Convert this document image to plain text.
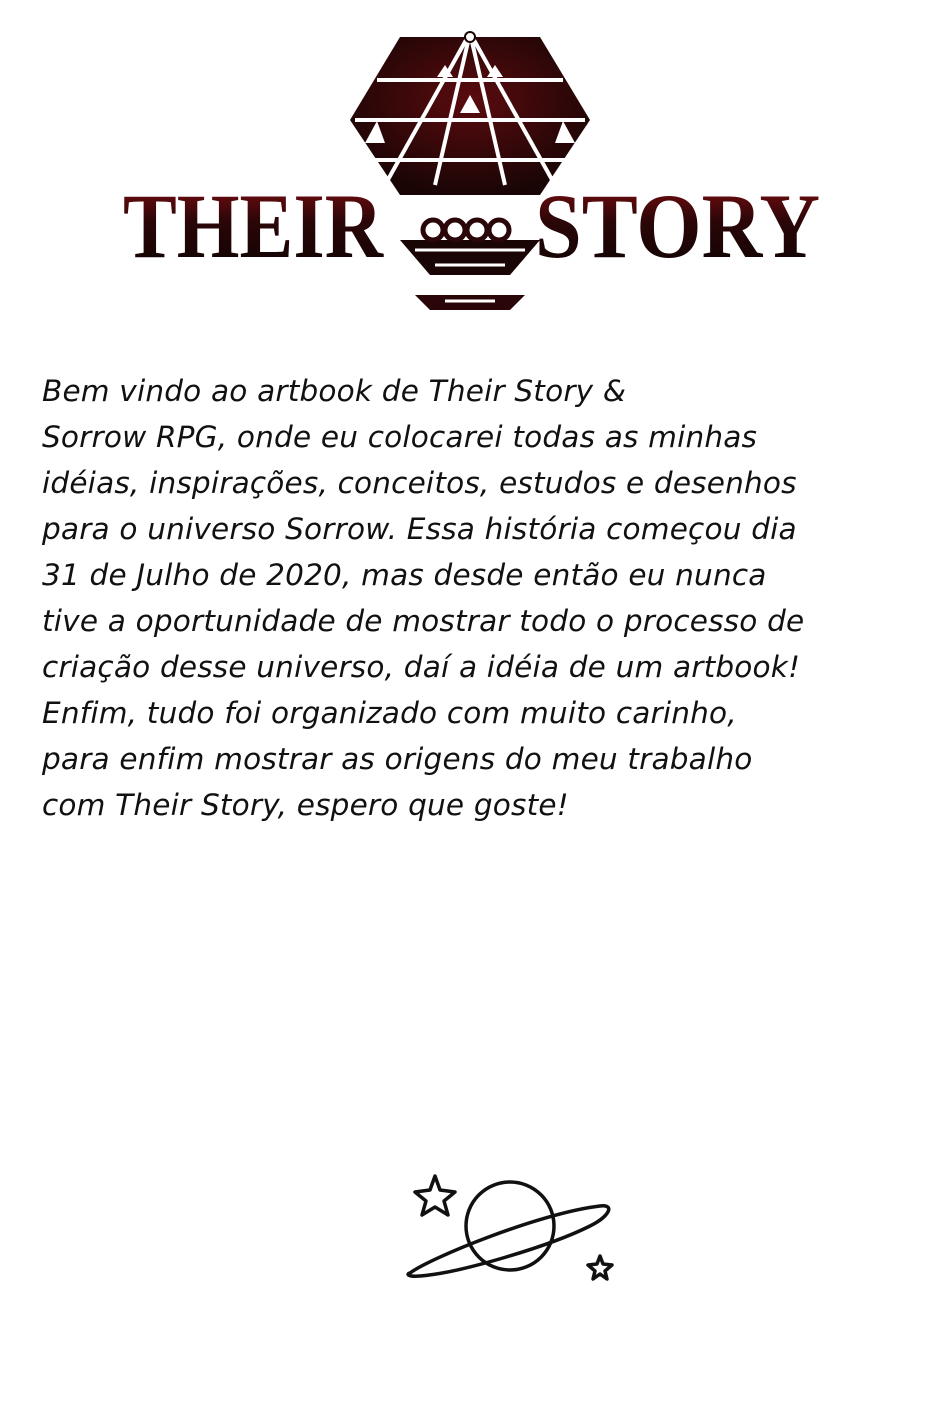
THEIR STORY
Bem vindo ao artbook de Their Story &
Sorrow RPG, onde eu colocarei todas as minhas
idéias, inspirações, conceitos, estudos e desenhos
para o universo Sorrow. Essa história começou dia
31 de Julho de 2020, mas desde então eu nunca
tive a oportunidade de mostrar todo o processo de
criação desse universo, daí a idéia de um artbook!
Enfim, tudo foi organizado com muito carinho,
para enfim mostrar as origens do meu trabalho
com Their Story, espero que goste!
